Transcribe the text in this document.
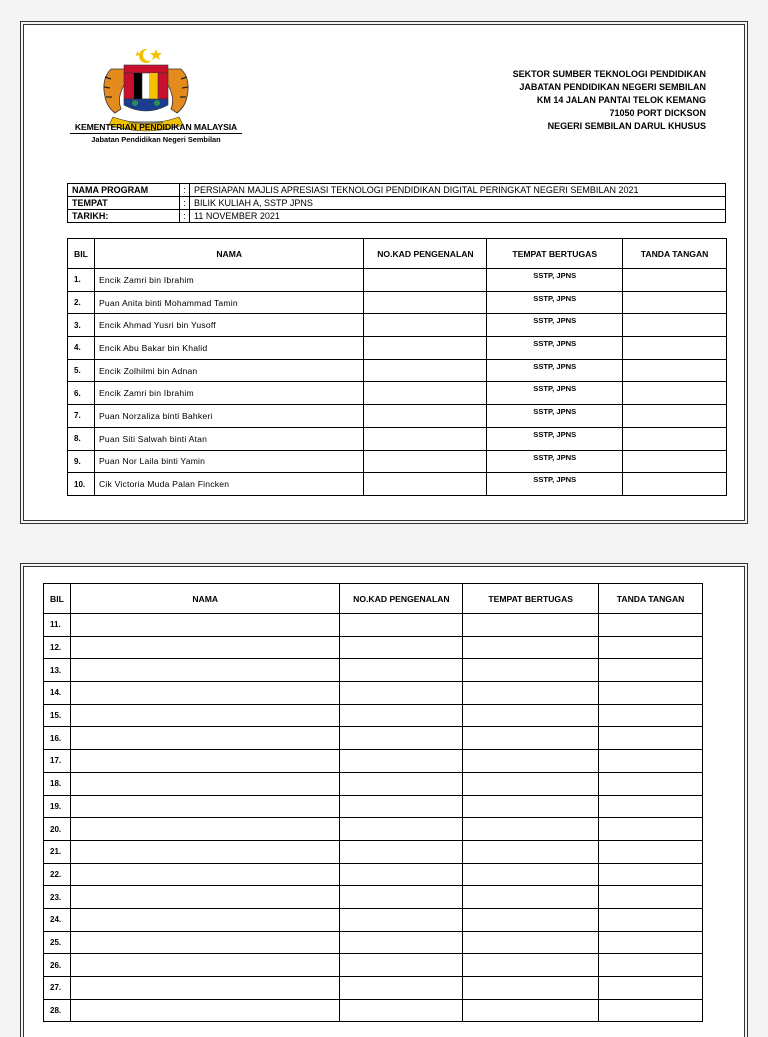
KEMENTERIAN PENDIDIKAN MALAYSIA
Jabatan Pendidikan Negeri Sembilan
SEKTOR SUMBER TEKNOLOGI PENDIDIKAN
JABATAN PENDIDIKAN NEGERI SEMBILAN
KM 14 JALAN PANTAI TELOK KEMANG
71050 PORT DICKSON
NEGERI SEMBILAN DARUL KHUSUS
NAMA PROGRAM	:	PERSIAPAN MAJLIS APRESIASI TEKNOLOGI PENDIDIKAN DIGITAL PERINGKAT NEGERI SEMBILAN 2021
TEMPAT	:	BILIK KULIAH A, SSTP JPNS
TARIKH:	:	11 NOVEMBER 2021
BIL	NAMA	NO.KAD PENGENALAN	TEMPAT BERTUGAS	TANDA TANGAN
1.	Encik Zamri bin Ibrahim		SSTP, JPNS	
2.	Puan Anita binti Mohammad Tamin		SSTP, JPNS	
3.	Encik Ahmad Yusri bin Yusoff		SSTP, JPNS	
4.	Encik Abu Bakar bin Khalid		SSTP, JPNS	
5.	Encik Zolhilmi bin Adnan		SSTP, JPNS	
6.	Encik Zamri bin Ibrahim		SSTP, JPNS	
7.	Puan Norzaliza binti Bahkeri		SSTP, JPNS	
8.	Puan Siti Salwah binti Atan		SSTP, JPNS	
9.	Puan Nor Laila binti Yamin		SSTP, JPNS	
10.	Cik Victoria Muda Palan Fincken		SSTP, JPNS	
BIL	NAMA	NO.KAD PENGENALAN	TEMPAT BERTUGAS	TANDA TANGAN
11.				
12.				
13.				
14.				
15.				
16.				
17.				
18.				
19.				
20.				
21.				
22.				
23.				
24.				
25.				
26.				
27.				
28.				
